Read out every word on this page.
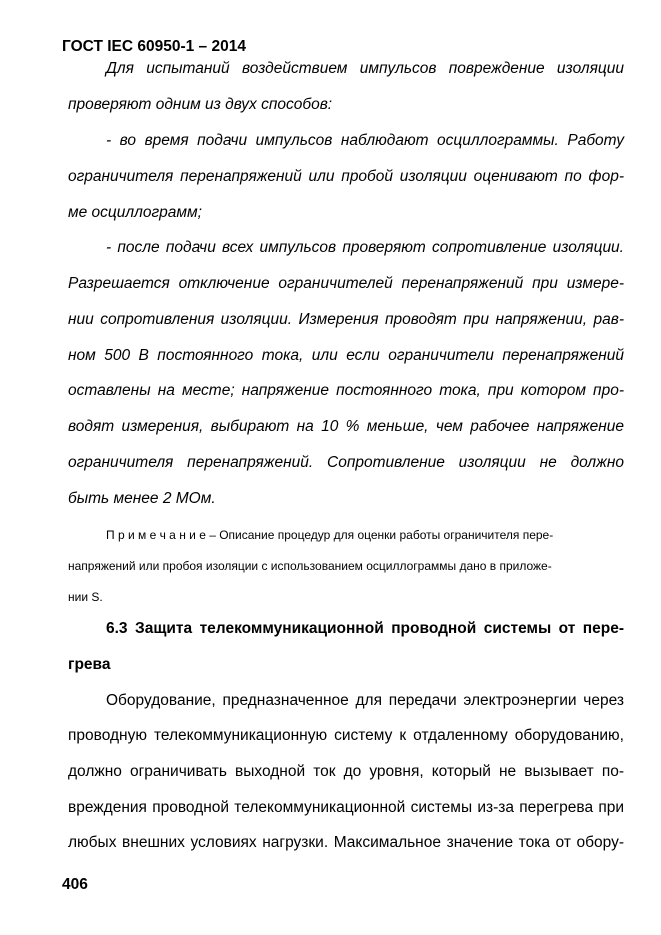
ГОСТ IEC 60950-1 – 2014
Для испытаний воздействием импульсов повреждение изоляции
проверяют одним из двух способов:
- во время подачи импульсов наблюдают осциллограммы. Работу
ограничителя перенапряжений или пробой изоляции оценивают по фор-
ме осциллограмм;
- после подачи всех импульсов проверяют сопротивление изоляции.
Разрешается отключение ограничителей перенапряжений при измере-
нии сопротивления изоляции. Измерения проводят при напряжении, рав-
ном 500 В постоянного тока, или если ограничители перенапряжений
оставлены на месте; напряжение постоянного тока, при котором про-
водят измерения, выбирают на 10 % меньше, чем рабочее напряжение
ограничителя перенапряжений. Сопротивление изоляции не должно
быть менее 2 МОм.
П р и м е ч а н и е – Описание процедур для оценки работы ограничителя пере-
напряжений или пробоя изоляции с использованием осциллограммы дано в приложе-
нии S.
6.3 Защита телекоммуникационной проводной системы от пере-
грева
Оборудование, предназначенное для передачи электроэнергии через
проводную телекоммуникационную систему к отдаленному оборудованию,
должно ограничивать выходной ток до уровня, который не вызывает по-
вреждения проводной телекоммуникационной системы из-за перегрева при
любых внешних условиях нагрузки. Максимальное значение тока от обору-
406
